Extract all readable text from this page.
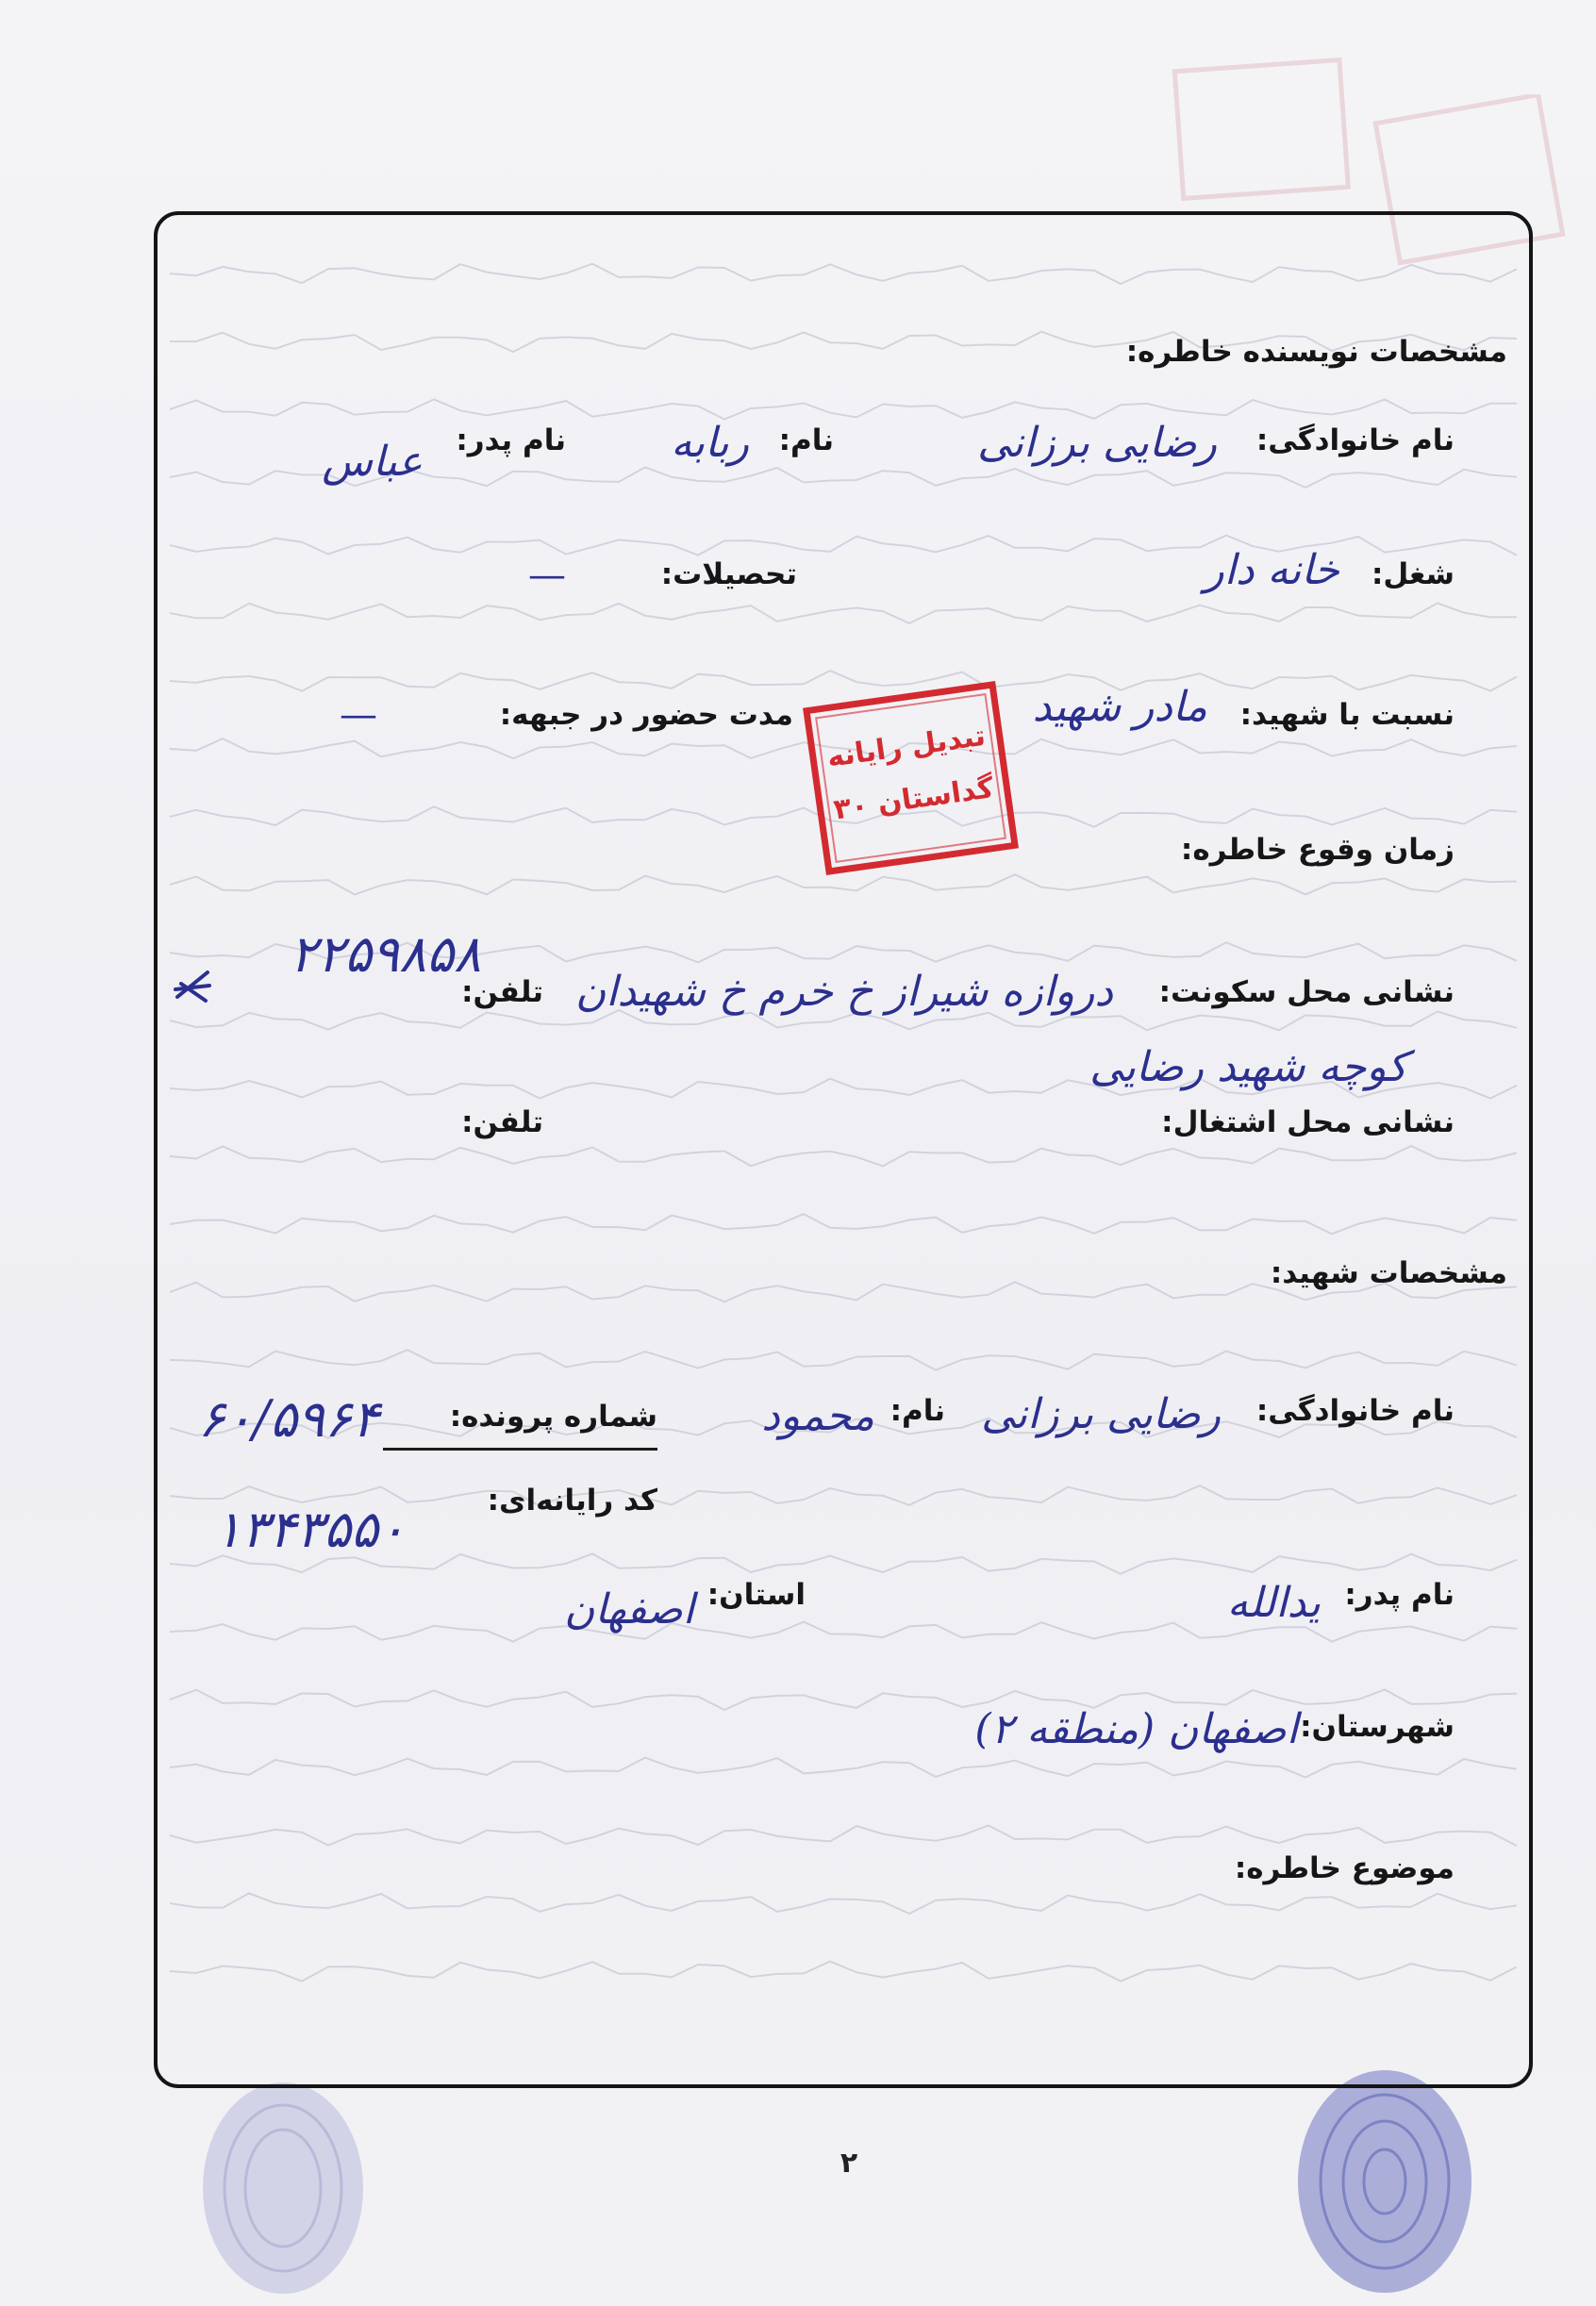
مشخصات نویسنده خاطره:
نام خانوادگی:
رضایی برزانی
نام:
ربابه
نام پدر:
عباس
شغل:
خانه دار
تحصیلات:
—
نسبت با شهید:
مادر شهید
مدت حضور در جبهه:
—
زمان وقوع خاطره:
نشانی محل سکونت:
دروازه شیراز خ خرم خ شهیدان
کوچه شهید رضایی
تلفن:
۲۲۵۹۸۵۸
نشانی محل اشتغال:
تلفن:
مشخصات شهید:
نام خانوادگی:
رضایی برزانی
نام:
محمود
شماره پرونده:
۶۰/۵۹۶۴
کد رایانه‌ای:
۱۳۴۳۵۵۰
نام پدر:
یدالله
استان:
اصفهان
شهرستان:
اصفهان (منطقه ۲)
موضوع خاطره:
تبدیل رایانه
گداستان ۳۰
۲
